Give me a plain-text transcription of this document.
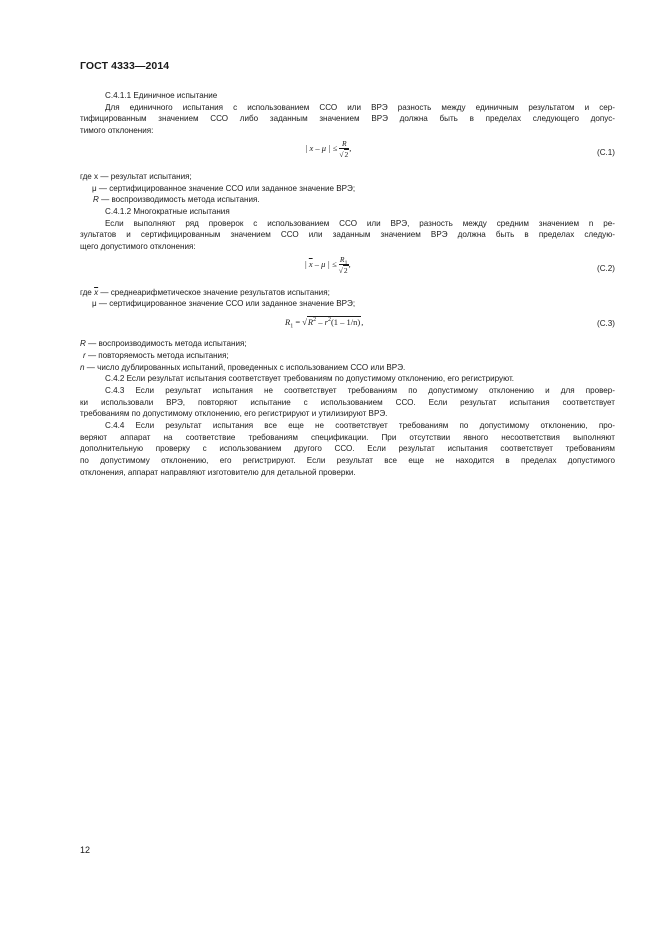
ГОСТ 4333—2014

C.4.1.1 Единичное испытание

Для единичного испытания с использованием ССО или ВРЭ разность между единичным результатом и сер-

тифицированным значением ССО либо заданным значением ВРЭ должна быть в пределах следующего допус-

тимого отклонения:

| x – μ | ≤ $\frac{R}{√2}$ ,	(C.1)

где x — результат испытания;

μ — сертифицированное значение ССО или заданное значение ВРЭ;

R — воспроизводимость метода испытания.

C.4.1.2 Многократные испытания

Если выполняют ряд проверок с использованием ССО или ВРЭ, разность между средним значением n ре-

зультатов и сертифицированным значением ССО или заданным значением ВРЭ должна быть в пределах следую-

щего допустимого отклонения:

| $\overline{x}$ – μ | ≤ $\frac{R_1}{√2}$ ,	(C.2)

где $\overline{x}$ — среднеарифметическое значение результатов испытания;

μ — сертифицированное значение ССО или заданное значение ВРЭ;

$R_1 = √R^2 - r^2(1 - 1/n)$,	(C.3)

R — воспроизводимость метода испытания;

r — повторяемость метода испытания;

n — число дублированных испытаний, проведенных с использованием ССО или ВРЭ.

C.4.2 Если результат испытания соответствует требованиям по допустимому отклонению, его регистрируют.

C.4.3 Если результат испытания не соответствует требованиям по допустимому отклонению и для провер-

ки использовали ВРЭ, повторяют испытание с использованием ССО. Если результат испытания соответствует

требованиям по допустимому отклонению, его регистрируют и утилизируют ВРЭ.

C.4.4 Если результат испытания все еще не соответствует требованиям по допустимому отклонению, про-

веряют аппарат на соответствие требованиям спецификации. При отсутствии явного несоответствия выполняют

дополнительную проверку с использованием другого ССО. Если результат испытания соответствует требованиям

по допустимому отклонению, его регистрируют. Если результат все еще не находится в пределах допустимого

отклонения, аппарат направляют изготовителю для детальной проверки.

12
